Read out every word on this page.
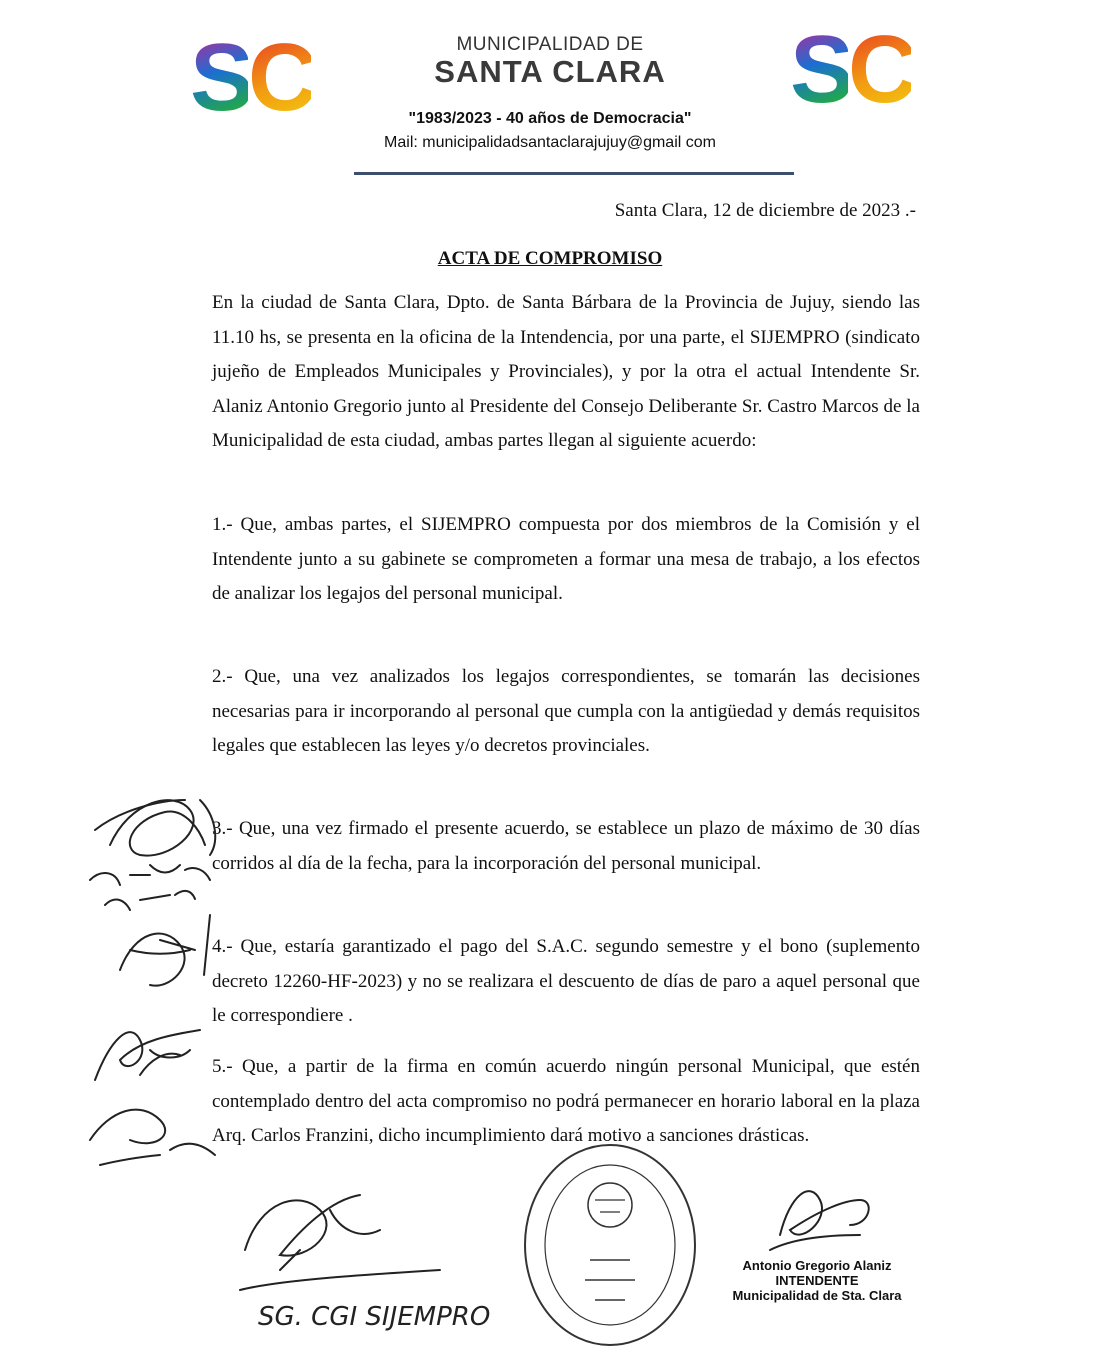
SC	SC
MUNICIPALIDAD DE
SANTA CLARA
"1983/2023 - 40 años de Democracia"
Mail: municipalidadsantaclarajujuy@gmail com
Santa Clara, 12 de diciembre de 2023 .-
ACTA DE COMPROMISO

En la ciudad de Santa Clara, Dpto. de Santa Bárbara de la Provincia de Jujuy, siendo las 11.10 hs, se presenta en la oficina de la Intendencia, por una parte, el SIJEMPRO (sindicato jujeño de Empleados Municipales y Provinciales), y por la otra el actual Intendente Sr. Alaniz Antonio Gregorio junto al Presidente del Consejo Deliberante Sr. Castro Marcos de la Municipalidad de esta ciudad, ambas partes llegan al siguiente acuerdo:

1.- Que, ambas partes, el SIJEMPRO compuesta por dos miembros de la Comisión y el Intendente junto a su gabinete se comprometen a formar una mesa de trabajo, a los efectos de analizar los legajos del personal municipal.

2.- Que, una vez analizados los legajos correspondientes, se tomarán las decisiones necesarias para ir incorporando al personal que cumpla con la antigüedad y demás requisitos legales que establecen las leyes y/o decretos provinciales.

3.- Que, una vez firmado el presente acuerdo, se establece un plazo de máximo de 30 días corridos al día de la fecha, para la incorporación del personal municipal.

4.- Que, estaría garantizado el pago del S.A.C. segundo semestre y el bono (suplemento decreto 12260-HF-2023) y no se realizara el descuento de días de paro a aquel personal que le correspondiere .

5.- Que, a partir de la firma en común acuerdo ningún personal Municipal, que estén contemplado dentro del acta compromiso no podrá permanecer en horario laboral en la plaza Arq. Carlos Franzini, dicho incumplimiento dará motivo a sanciones drásticas.

SG. CGI SIJEMPRO
Antonio Gregorio Alaniz
INTENDENTE
Municipalidad de Sta. Clara
